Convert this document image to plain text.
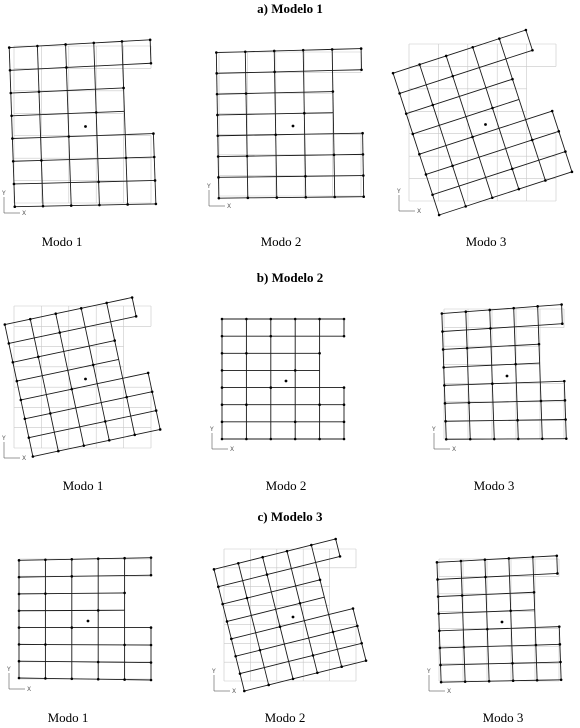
a) Modelo 1
b) Modelo 2
c) Modelo 3
X
Y
X
Y
X
Y
X
Y
X
Y
X
Y
X
Y
X
Y
X
Y
Modo 1	Modo 2	Modo 3
Modo 1	Modo 2	Modo 3
Modo 1	Modo 2	Modo 3
